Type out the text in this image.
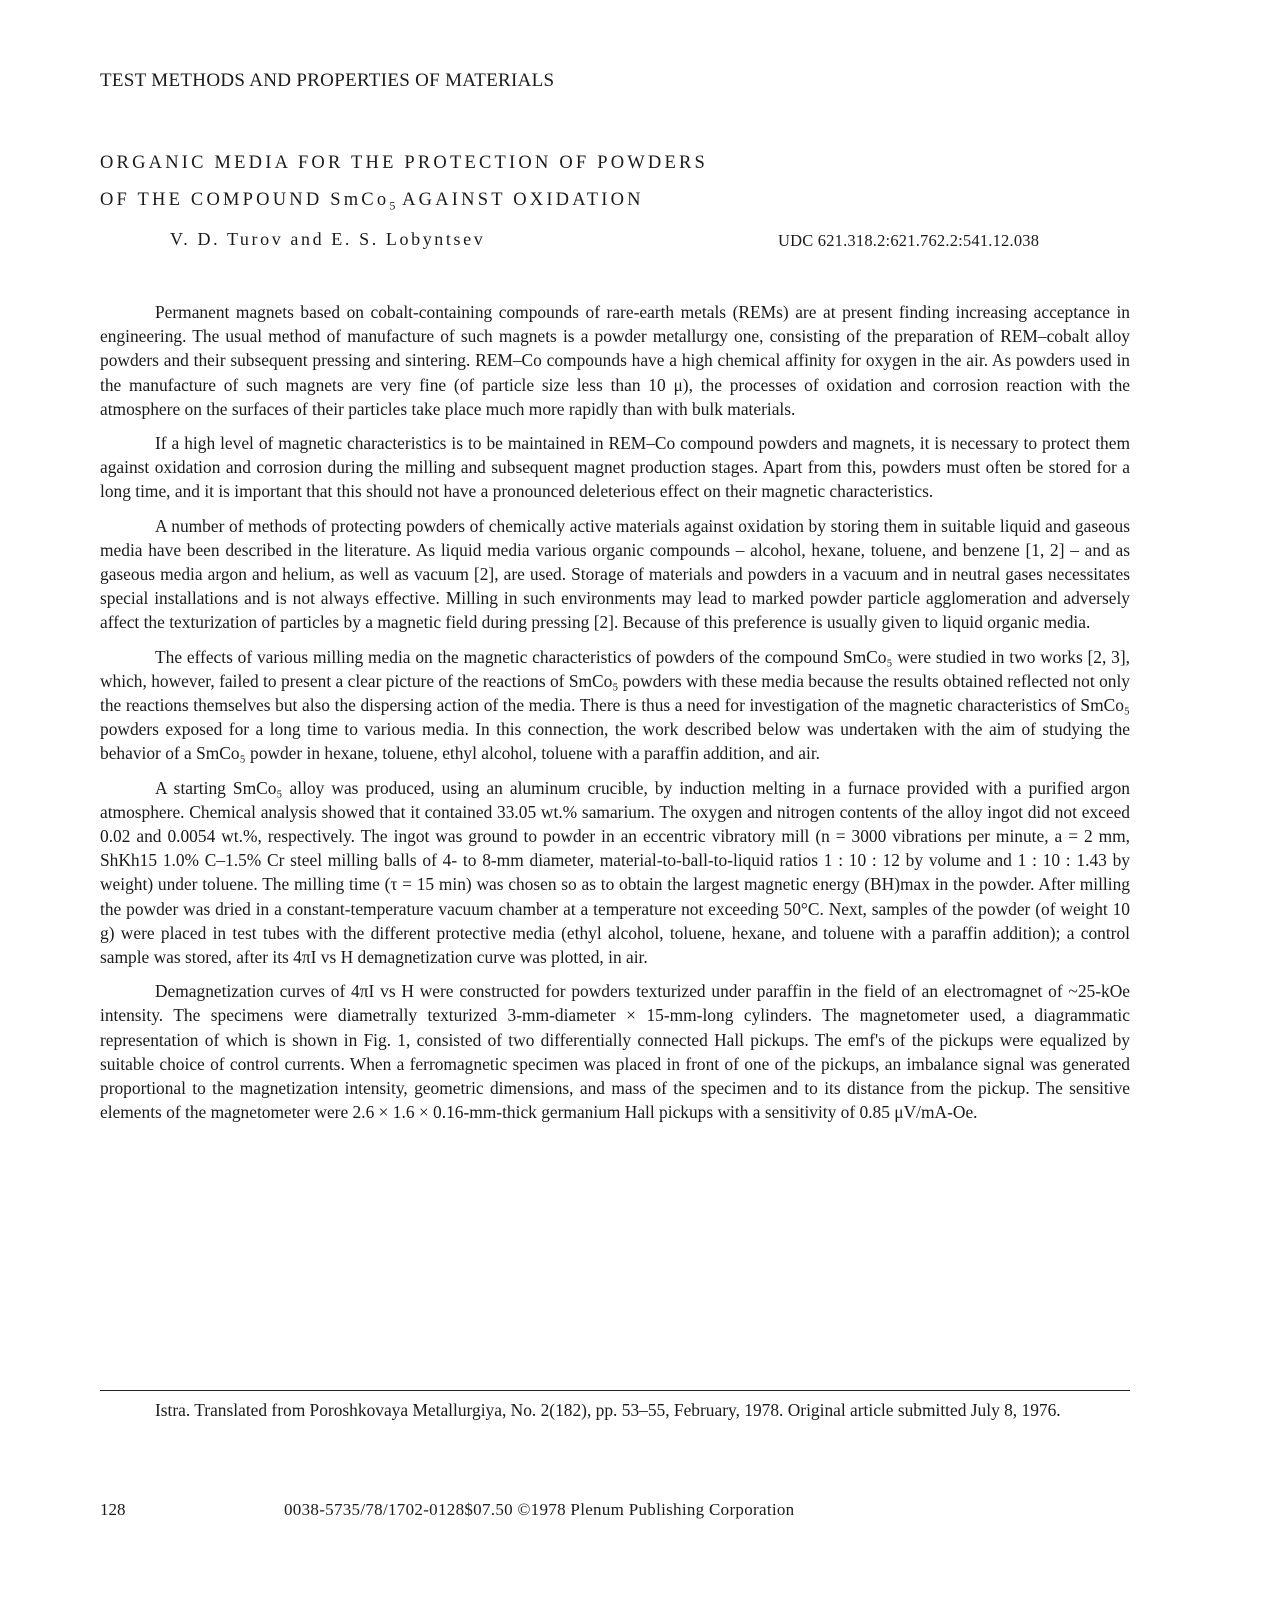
TEST METHODS AND PROPERTIES OF MATERIALS
ORGANIC MEDIA FOR THE PROTECTION OF POWDERS
OF THE COMPOUND SmCo$_5$ AGAINST OXIDATION
V. D. Turov and E. S. Lobyntsev	UDC 621.318.2:621.762.2:541.12.038

Permanent magnets based on cobalt-containing compounds of rare-earth metals (REMs) are at present finding increasing acceptance in engineering. The usual method of manufacture of such magnets is a powder metallurgy one, consisting of the preparation of REM–cobalt alloy powders and their subsequent pressing and sintering. REM–Co compounds have a high chemical affinity for oxygen in the air. As powders used in the manufacture of such magnets are very fine (of particle size less than 10 μ), the processes of oxidation and corrosion reaction with the atmosphere on the surfaces of their particles take place much more rapidly than with bulk materials.

If a high level of magnetic characteristics is to be maintained in REM–Co compound powders and magnets, it is necessary to protect them against oxidation and corrosion during the milling and subsequent magnet production stages. Apart from this, powders must often be stored for a long time, and it is important that this should not have a pronounced deleterious effect on their magnetic characteristics.

A number of methods of protecting powders of chemically active materials against oxidation by storing them in suitable liquid and gaseous media have been described in the literature. As liquid media various organic compounds – alcohol, hexane, toluene, and benzene [1, 2] – and as gaseous media argon and helium, as well as vacuum [2], are used. Storage of materials and powders in a vacuum and in neutral gases necessitates special installations and is not always effective. Milling in such environments may lead to marked powder particle agglomeration and adversely affect the texturization of particles by a magnetic field during pressing [2]. Because of this preference is usually given to liquid organic media.

The effects of various milling media on the magnetic characteristics of powders of the compound SmCo₅ were studied in two works [2, 3], which, however, failed to present a clear picture of the reactions of SmCo₅ powders with these media because the results obtained reflected not only the reactions themselves but also the dispersing action of the media. There is thus a need for investigation of the magnetic characteristics of SmCo₅ powders exposed for a long time to various media. In this connection, the work described below was undertaken with the aim of studying the behavior of a SmCo₅ powder in hexane, toluene, ethyl alcohol, toluene with a paraffin addition, and air.

A starting SmCo₅ alloy was produced, using an aluminum crucible, by induction melting in a furnace provided with a purified argon atmosphere. Chemical analysis showed that it contained 33.05 wt.% samarium. The oxygen and nitrogen contents of the alloy ingot did not exceed 0.02 and 0.0054 wt.%, respectively. The ingot was ground to powder in an eccentric vibratory mill (n = 3000 vibrations per minute, a = 2 mm, ShKh15 1.0% C–1.5% Cr steel milling balls of 4- to 8-mm diameter, material-to-ball-to-liquid ratios 1 : 10 : 12 by volume and 1 : 10 : 1.43 by weight) under toluene. The milling time (τ = 15 min) was chosen so as to obtain the largest magnetic energy (BH)max in the powder. After milling the powder was dried in a constant-temperature vacuum chamber at a temperature not exceeding 50°C. Next, samples of the powder (of weight 10 g) were placed in test tubes with the different protective media (ethyl alcohol, toluene, hexane, and toluene with a paraffin addition); a control sample was stored, after its 4πI vs H demagnetization curve was plotted, in air.

Demagnetization curves of 4πI vs H were constructed for powders texturized under paraffin in the field of an electromagnet of ~25-kOe intensity. The specimens were diametrally texturized 3-mm-diameter × 15-mm-long cylinders. The magnetometer used, a diagrammatic representation of which is shown in Fig. 1, consisted of two differentially connected Hall pickups. The emf's of the pickups were equalized by suitable choice of control currents. When a ferromagnetic specimen was placed in front of one of the pickups, an imbalance signal was generated proportional to the magnetization intensity, geometric dimensions, and mass of the specimen and to its distance from the pickup. The sensitive elements of the magnetometer were 2.6 × 1.6 × 0.16-mm-thick germanium Hall pickups with a sensitivity of 0.85 μV/mA-Oe.

Istra. Translated from Poroshkovaya Metallurgiya, No. 2(182), pp. 53–55, February, 1978. Original article submitted July 8, 1976.

128	0038-5735/78/1702-0128$07.50 ©1978 Plenum Publishing Corporation
